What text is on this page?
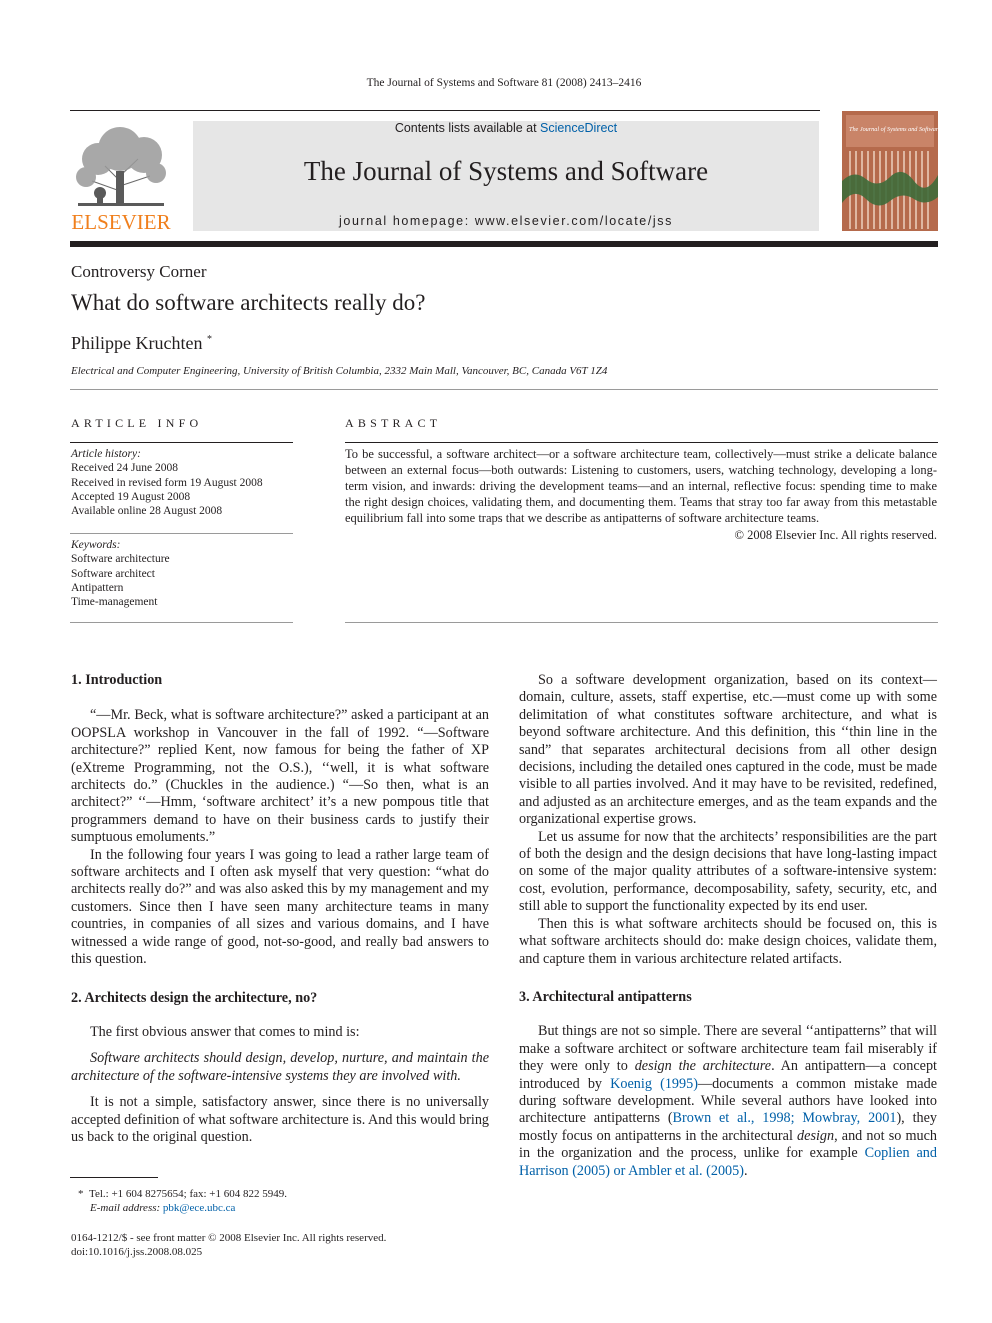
The Journal of Systems and Software 81 (2008) 2413–2416
ELSEVIER
Contents lists available at ScienceDirect
The Journal of Systems and Software
journal homepage: www.elsevier.com/locate/jss
The Journal of Systems and Software
Controversy Corner
What do software architects really do?
Philippe Kruchten *
Electrical and Computer Engineering, University of British Columbia, 2332 Main Mall, Vancouver, BC, Canada V6T 1Z4
ARTICLE INFO
Article history:
Received 24 June 2008
Received in revised form 19 August 2008
Accepted 19 August 2008
Available online 28 August 2008
Keywords:
Software architecture
Software architect
Antipattern
Time-management
ABSTRACT
To be successful, a software architect—or a software architecture team, collectively—must strike a delicate balance between an external focus—both outwards: Listening to customers, users, watching technology, developing a long-term vision, and inwards: driving the development teams—and an internal, reflective focus: spending time to make the right design choices, validating them, and documenting them. Teams that stray too far away from this metastable equilibrium fall into some traps that we describe as antipatterns of software architecture teams.
© 2008 Elsevier Inc. All rights reserved.
1. Introduction

“—Mr. Beck, what is software architecture?” asked a participant at an OOPSLA workshop in Vancouver in the fall of 1992. “—Software architecture?” replied Kent, now famous for being the father of XP (eXtreme Programming, not the O.S.), ‘‘well, it is what software architects do.” (Chuckles in the audience.) “—So then, what is an architect?” ‘‘—Hmm, ‘software architect’ it’s a new pompous title that programmers demand to have on their business cards to justify their sumptuous emoluments.”

In the following four years I was going to lead a rather large team of software architects and I often ask myself that very question: “what do architects really do?” and was also asked this by my management and my customers. Since then I have seen many architecture teams in many countries, in companies of all sizes and various domains, and I have witnessed a wide range of good, not-so-good, and really bad answers to this question.

2. Architects design the architecture, no?

The first obvious answer that comes to mind is:

Software architects should design, develop, nurture, and maintain the architecture of the software-intensive systems they are involved with.

It is not a simple, satisfactory answer, since there is no universally accepted definition of what software architecture is. And this would bring us back to the original question.

So a software development organization, based on its context—domain, culture, assets, staff expertise, etc.—must come up with some delimitation of what constitutes software architecture, and what is beyond software architecture. And this definition, this ‘‘thin line in the sand” that separates architectural decisions from all other design decisions, including the detailed ones captured in the code, must be made visible to all parties involved. And it may have to be revisited, redefined, and adjusted as an architecture emerges, and as the team expands and the organizational expertise grows.

Let us assume for now that the architects’ responsibilities are the part of both the design and the design decisions that have long-lasting impact on some of the major quality attributes of a software-intensive system: cost, evolution, performance, decomposability, safety, security, etc, and still able to support the functionality expected by its end user.

Then this is what software architects should be focused on, this is what software architects should do: make design choices, validate them, and capture them in various architecture related artifacts.

3. Architectural antipatterns

But things are not so simple. There are several ‘‘antipatterns” that will make a software architect or software architecture team fail miserably if they were only to design the architecture. An antipattern—a concept introduced by Koenig (1995)—documents a common mistake made during software development. While several authors have looked into architecture antipatterns (Brown et al., 1998; Mowbray, 2001), they mostly focus on antipatterns in the architectural design, and not so much in the organization and the process, unlike for example Coplien and Harrison (2005) or Ambler et al. (2005).

* Tel.: +1 604 8275654; fax: +1 604 822 5949.
E-mail address: pbk@ece.ubc.ca
0164-1212/$ - see front matter © 2008 Elsevier Inc. All rights reserved.
doi:10.1016/j.jss.2008.08.025
